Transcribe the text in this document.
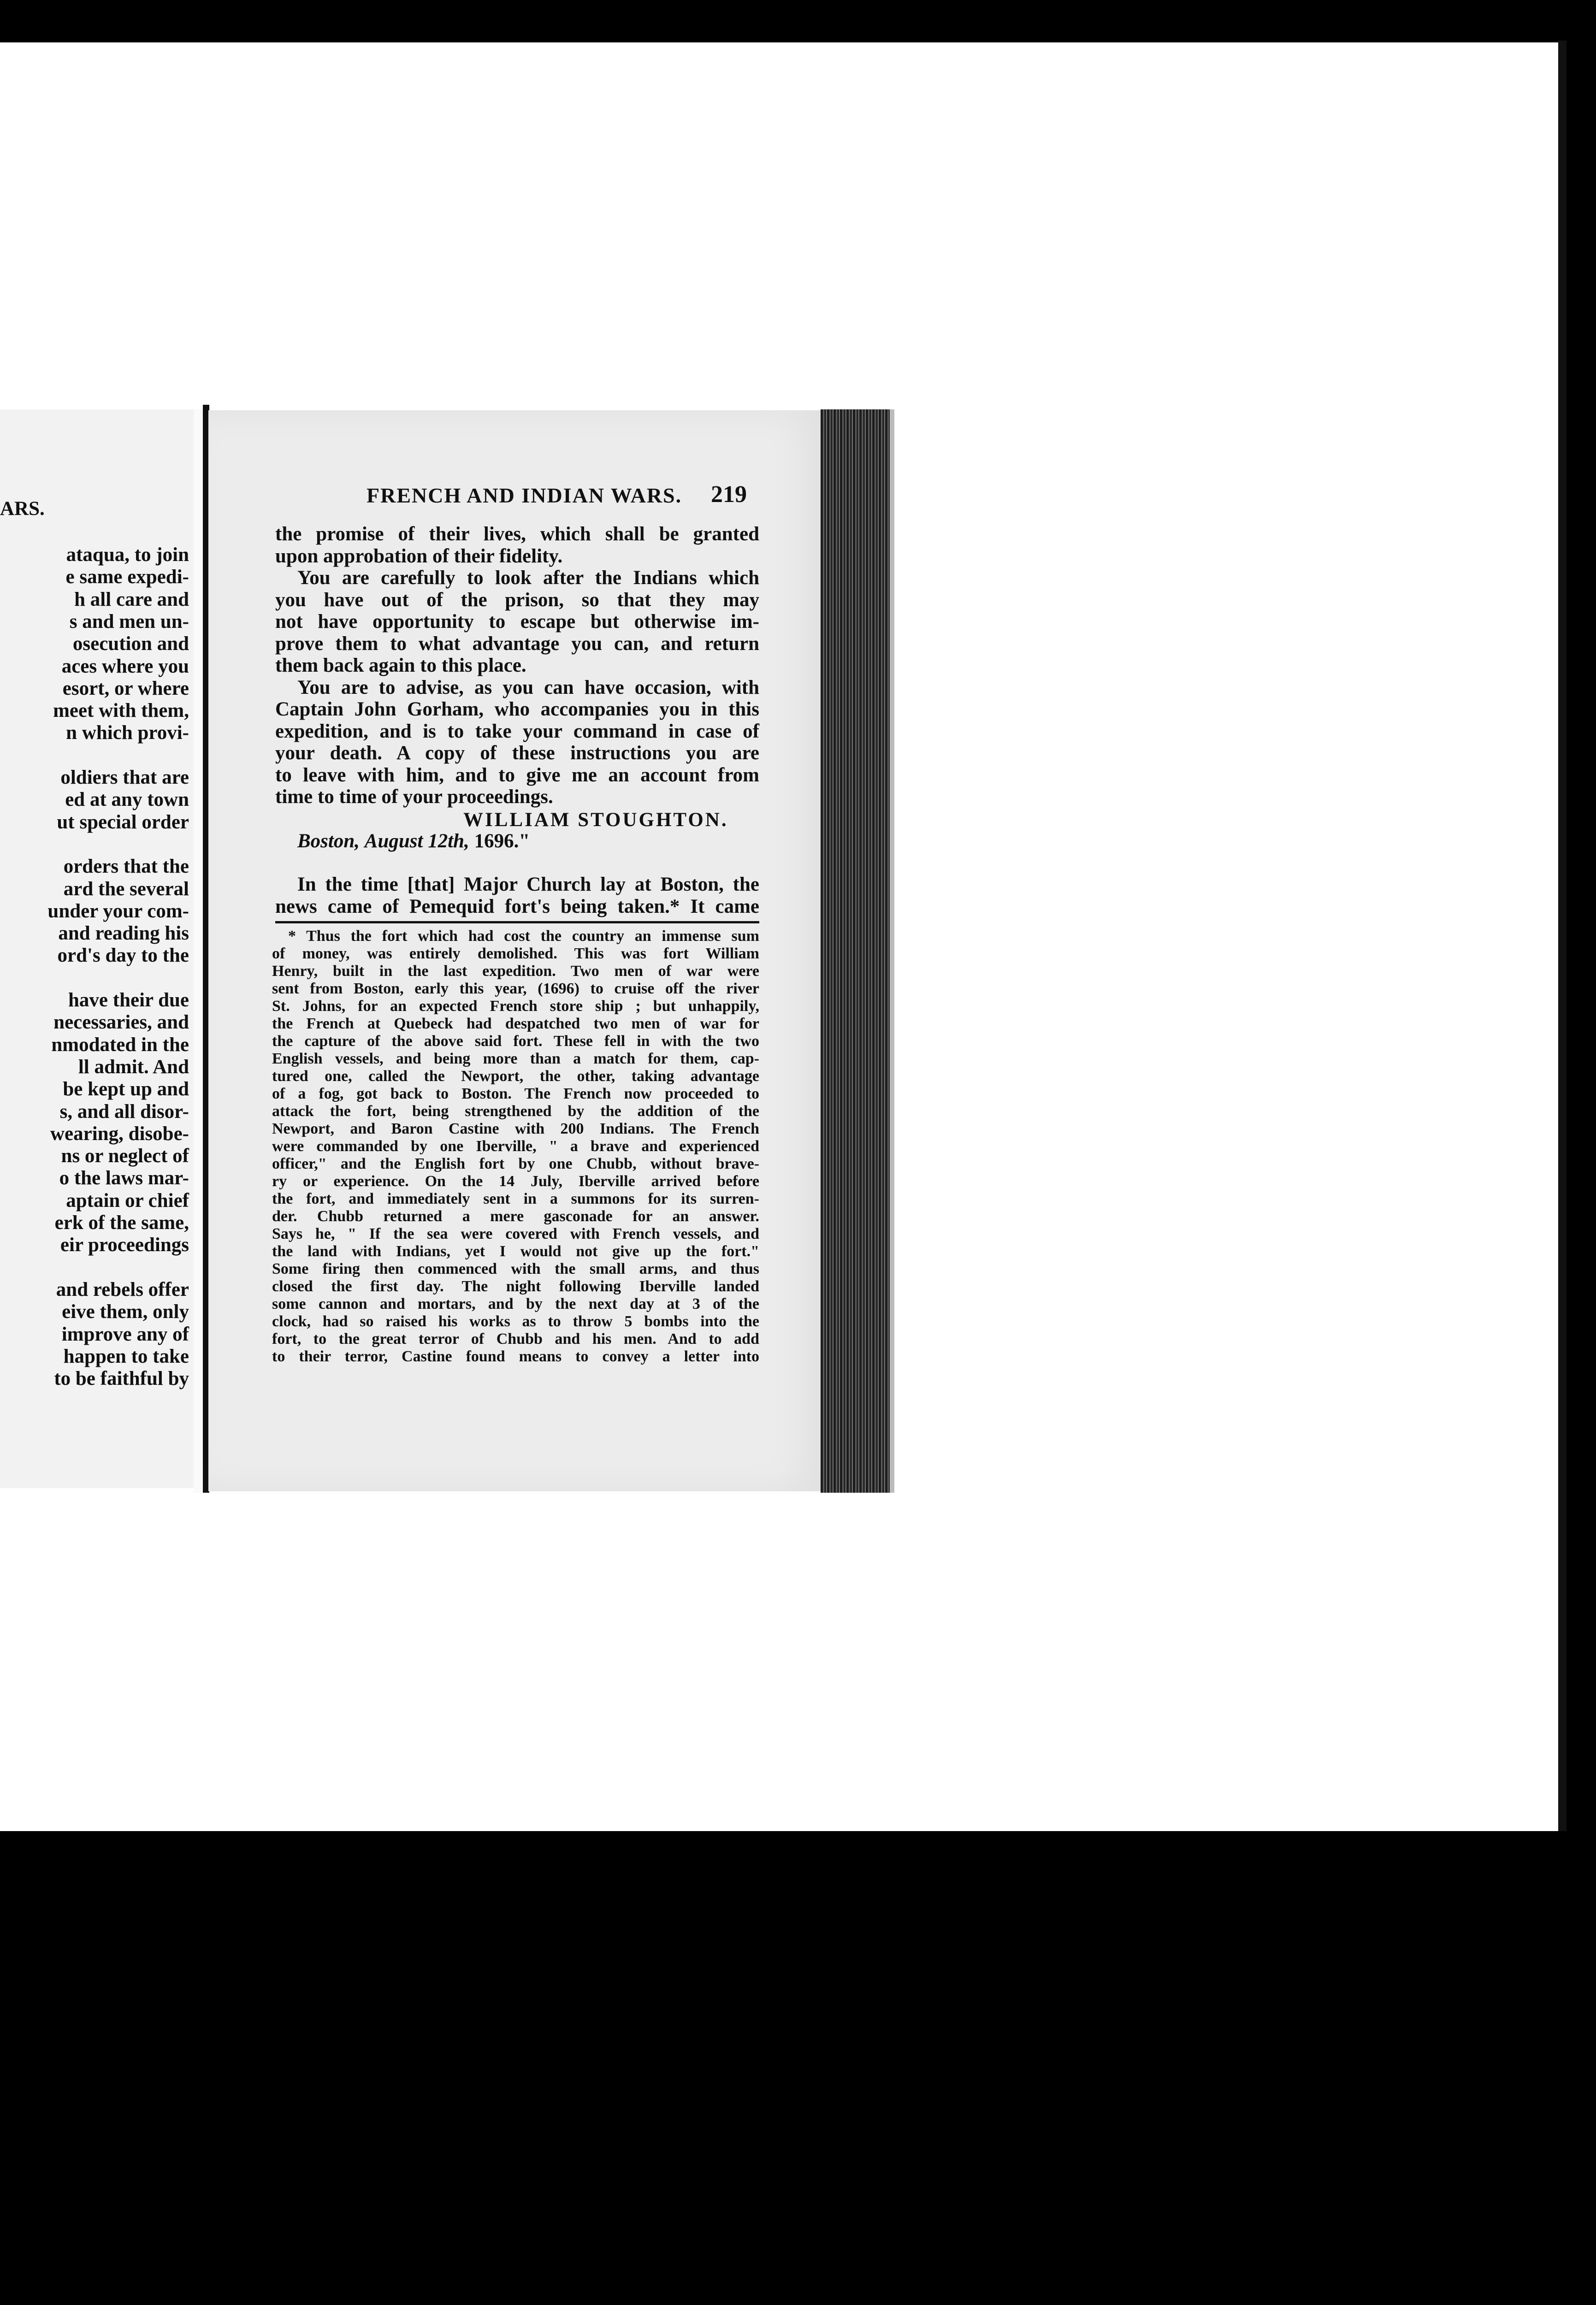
ARS.
ataqua, to join
e same expedi-
h all care and
s and men un-
osecution and
aces where you
esort, or where
meet with them,
n which provi-
oldiers that are
ed at any town
ut special order
orders that the
ard the several
under your com-
and reading his
ord's day to the
have their due
necessaries, and
nmodated in the
ll admit. And
be kept up and
s, and all disor-
wearing, disobe-
ns or neglect of
o the laws mar-
aptain or chief
erk of the same,
eir proceedings
and rebels offer
eive them, only
improve any of
happen to take
to be faithful by
FRENCH AND INDIAN WARS. 219
the promise of their lives, which shall be granted
upon approbation of their fidelity.
You are carefully to look after the Indians which
you have out of the prison, so that they may
not have opportunity to escape but otherwise im-
prove them to what advantage you can, and return
them back again to this place.
You are to advise, as you can have occasion, with
Captain John Gorham, who accompanies you in this
expedition, and is to take your command in case of
your death. A copy of these instructions you are
to leave with him, and to give me an account from
time to time of your proceedings.
WILLIAM STOUGHTON.
Boston, August 12th, 1696."
In the time [that] Major Church lay at Boston, the
news came of Pemequid fort's being taken.* It came
* Thus the fort which had cost the country an immense sum
of money, was entirely demolished. This was fort William
Henry, built in the last expedition. Two men of war were
sent from Boston, early this year, (1696) to cruise off the river
St. Johns, for an expected French store ship ; but unhappily,
the French at Quebeck had despatched two men of war for
the capture of the above said fort. These fell in with the two
English vessels, and being more than a match for them, cap-
tured one, called the Newport, the other, taking advantage
of a fog, got back to Boston. The French now proceeded to
attack the fort, being strengthened by the addition of the
Newport, and Baron Castine with 200 Indians. The French
were commanded by one Iberville, " a brave and experienced
officer," and the English fort by one Chubb, without brave-
ry or experience. On the 14 July, Iberville arrived before
the fort, and immediately sent in a summons for its surren-
der. Chubb returned a mere gasconade for an answer.
Says he, " If the sea were covered with French vessels, and
the land with Indians, yet I would not give up the fort."
Some firing then commenced with the small arms, and thus
closed the first day. The night following Iberville landed
some cannon and mortars, and by the next day at 3 of the
clock, had so raised his works as to throw 5 bombs into the
fort, to the great terror of Chubb and his men. And to add
to their terror, Castine found means to convey a letter into
